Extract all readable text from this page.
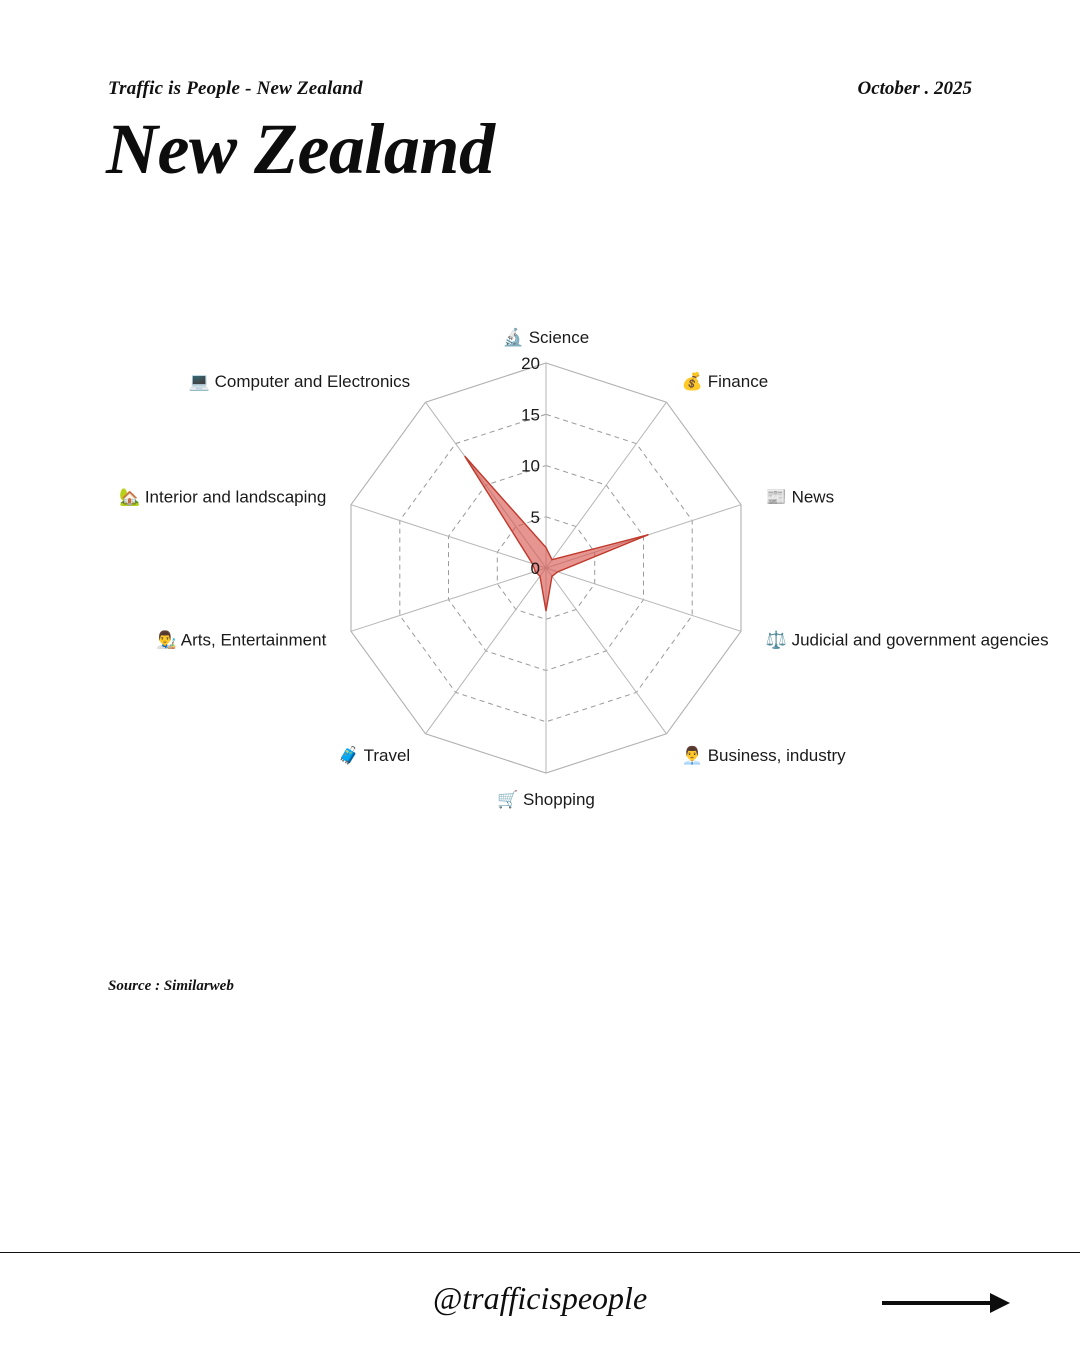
Traffic is People - New Zealand	October . 2025
New Zealand
0
5
10
15
20
🔬 Science
💰 Finance
📰 News
⚖️ Judicial and government agencies
👨‍💼 Business, industry
🛒 Shopping
🧳 Travel
👨‍🎨 Arts, Entertainment
🏡 Interior and landscaping
💻 Computer and Electronics
Source : Similarweb
@trafficispeople
